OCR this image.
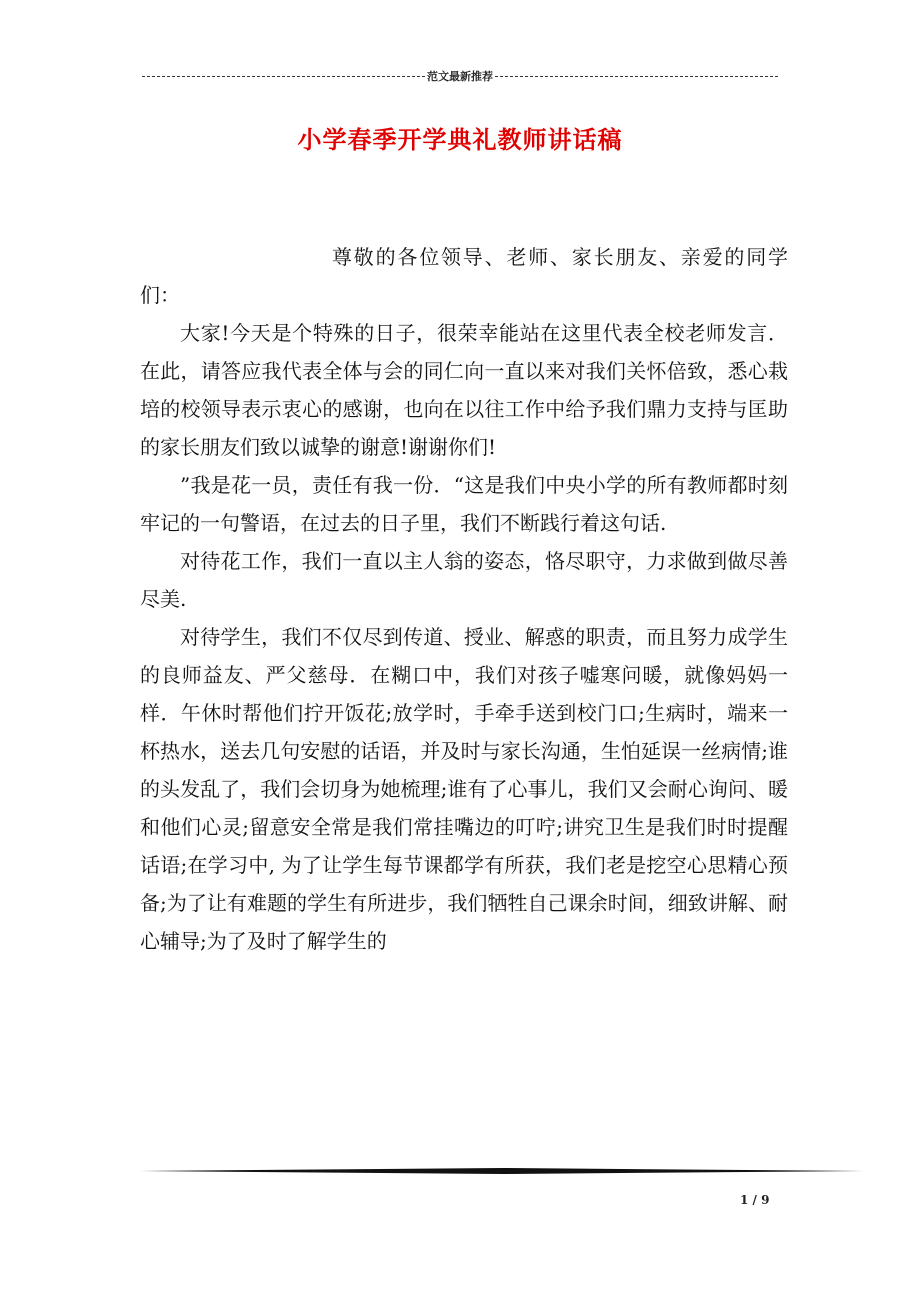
范文最新推荐
小学春季开学典礼教师讲话稿

尊敬的各位领导、老师、家长朋友、亲爱的同学们：

大家!今天是个特殊的日子，很荣幸能站在这里代表全校老师发言．在此，请答应我代表全体与会的同仁向一直以来对我们关怀倍致，悉心栽培的校领导表示衷心的感谢，也向在以往工作中给予我们鼎力支持与匡助的家长朋友们致以诚挚的谢意!谢谢你们!

”我是花一员，责任有我一份．“这是我们中央小学的所有教师都时刻牢记的一句警语，在过去的日子里，我们不断践行着这句话.

对待花工作，我们一直以主人翁的姿态，恪尽职守，力求做到做尽善尽美.

对待学生，我们不仅尽到传道、授业、解惑的职责，而且努力成学生的良师益友、严父慈母．在糊口中，我们对孩子嘘寒问暖，就像妈妈一样．午休时帮他们拧开饭花;放学时，手牵手送到校门口;生病时，端来一杯热水，送去几句安慰的话语，并及时与家长沟通，生怕延误一丝病情;谁的头发乱了，我们会切身为她梳理;谁有了心事儿，我们又会耐心询问、暖和他们心灵;留意安全常是我们常挂嘴边的叮咛;讲究卫生是我们时时提醒话语;在学习中, 为了让学生每节课都学有所获，我们老是挖空心思精心预备;为了让有难题的学生有所进步，我们牺牲自己课余时间，细致讲解、耐心辅导;为了及时了解学生的

1 / 9
